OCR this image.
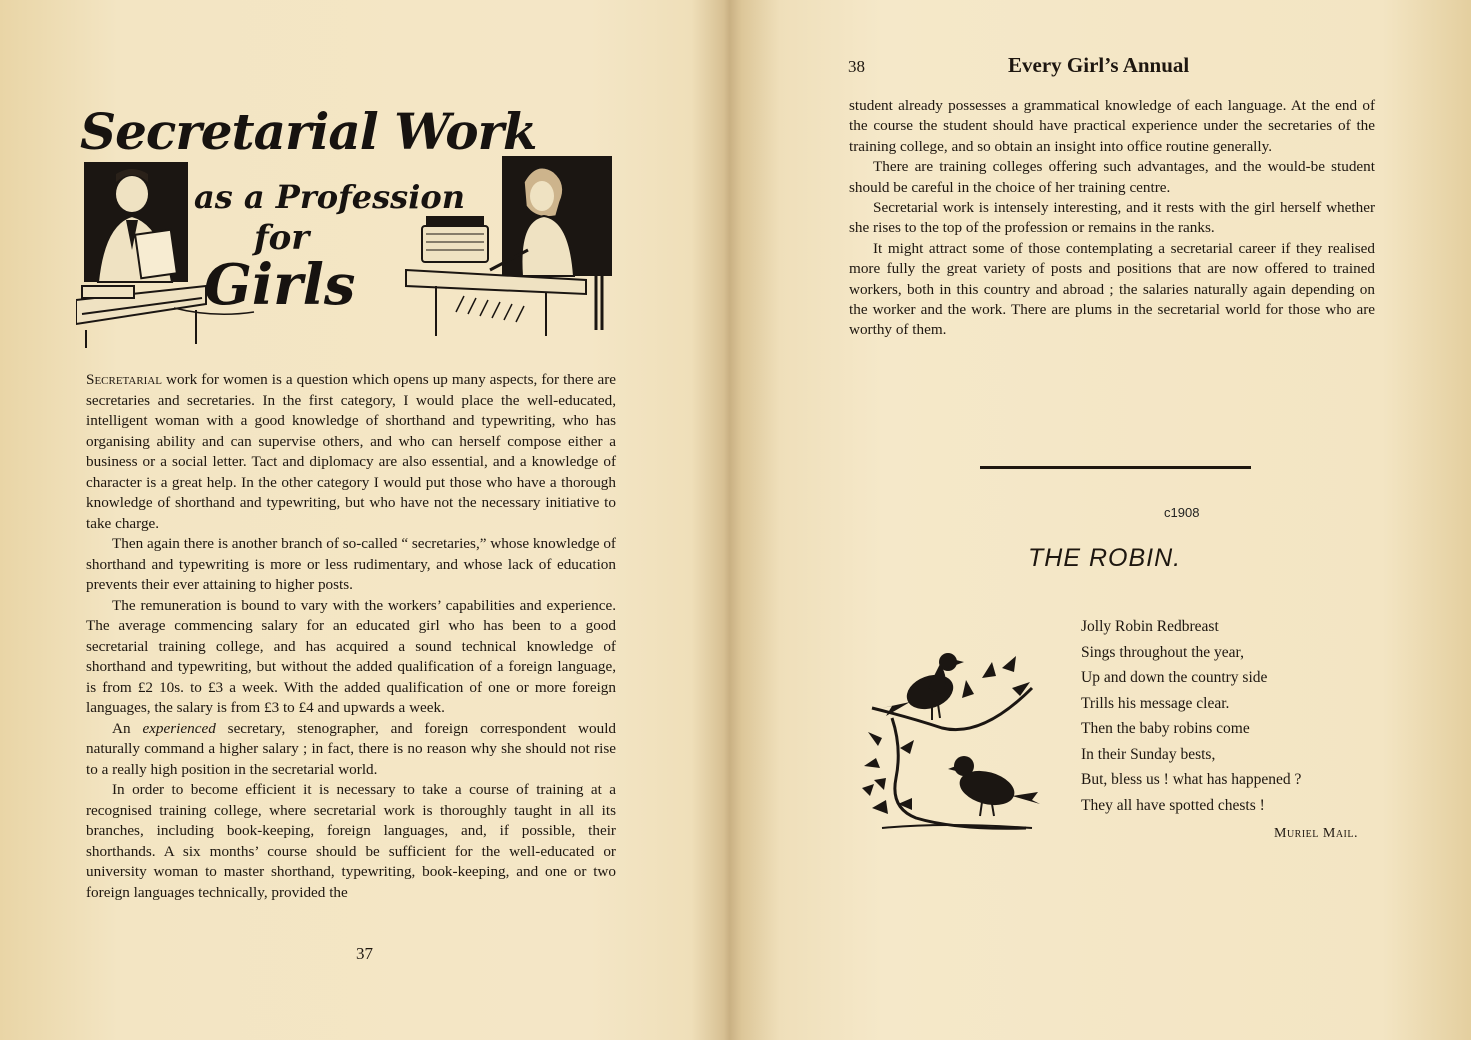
Secretarial Work
as a Profession
for
Girls

Secretarial work for women is a question which opens up many aspects, for there are secretaries and secretaries. In the first category, I would place the well-educated, intelligent woman with a good knowledge of shorthand and typewriting, who has organising ability and can supervise others, and who can herself compose either a business or a social letter. Tact and diplomacy are also essential, and a knowledge of character is a great help. In the other category I would put those who have a thorough knowledge of shorthand and typewriting, but who have not the necessary initiative to take charge.

Then again there is another branch of so-called “ secretaries,” whose knowledge of shorthand and typewriting is more or less rudimentary, and whose lack of education prevents their ever attaining to higher posts.

The remuneration is bound to vary with the workers’ capabilities and experience. The average commencing salary for an educated girl who has been to a good secretarial training college, and has acquired a sound technical knowledge of shorthand and typewriting, but without the added qualification of a foreign language, is from £2 10s. to £3 a week. With the added qualification of one or more foreign languages, the salary is from £3 to £4 and upwards a week.

An experienced secretary, stenographer, and foreign correspondent would naturally command a higher salary ; in fact, there is no reason why she should not rise to a really high position in the secretarial world.

In order to become efficient it is necessary to take a course of training at a recognised training college, where secretarial work is thoroughly taught in all its branches, including book-keeping, foreign languages, and, if possible, their shorthands. A six months’ course should be sufficient for the well-educated or university woman to master shorthand, typewriting, book-keeping, and one or two foreign languages technically, provided the

37
38	Every Girl’s Annual

student already possesses a grammatical knowledge of each language. At the end of the course the student should have practical experience under the secretaries of the training college, and so obtain an insight into office routine generally.

There are training colleges offering such advantages, and the would-be student should be careful in the choice of her training centre.

Secretarial work is intensely interesting, and it rests with the girl herself whether she rises to the top of the profession or remains in the ranks.

It might attract some of those contemplating a secretarial career if they realised more fully the great variety of posts and positions that are now offered to trained workers, both in this country and abroad ; the salaries naturally again depending on the worker and the work. There are plums in the secretarial world for those who are worthy of them.

c1908
THE ROBIN.
Jolly Robin Redbreast
Sings throughout the year,
Up and down the country side
Trills his message clear.
Then the baby robins come
In their Sunday bests,
But, bless us ! what has happened ?
They all have spotted chests !
Muriel Mail.
